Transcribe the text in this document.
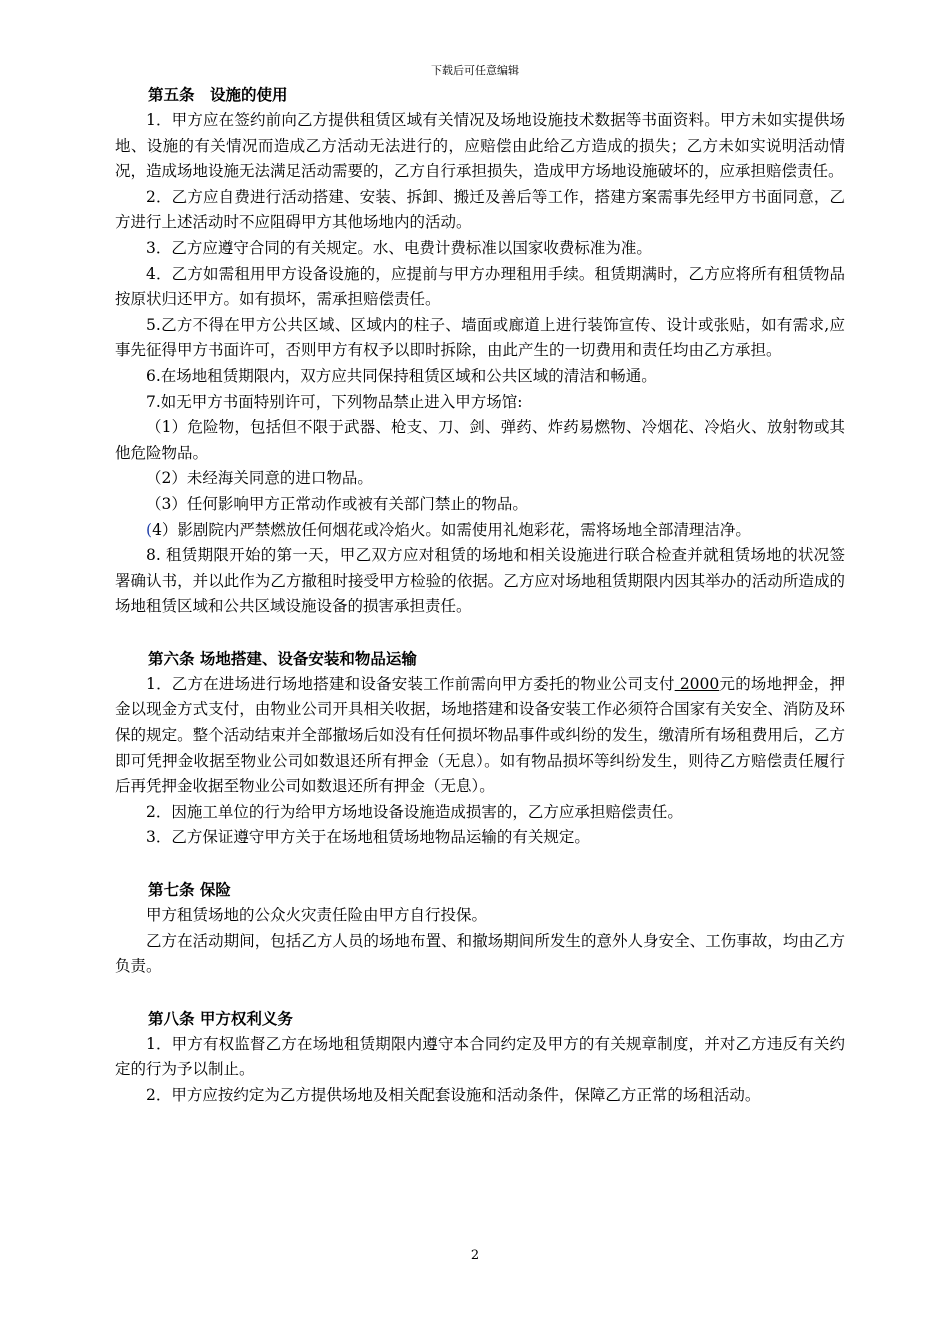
下载后可任意编辑
第五条　设施的使用

1．甲方应在签约前向乙方提供租赁区域有关情况及场地设施技术数据等书面资料。甲方未如实提供场地、设施的有关情况而造成乙方活动无法进行的，应赔偿由此给乙方造成的损失；乙方未如实说明活动情况，造成场地设施无法满足活动需要的，乙方自行承担损失，造成甲方场地设施破坏的，应承担赔偿责任。

2．乙方应自费进行活动搭建、安装、拆卸、搬迁及善后等工作，搭建方案需事先经甲方书面同意，乙方进行上述活动时不应阻碍甲方其他场地内的活动。

3．乙方应遵守合同的有关规定。水、电费计费标准以国家收费标准为准。

4．乙方如需租用甲方设备设施的，应提前与甲方办理租用手续。租赁期满时，乙方应将所有租赁物品按原状归还甲方。如有损坏，需承担赔偿责任。

5.乙方不得在甲方公共区域、区域内的柱子、墙面或廊道上进行装饰宣传、设计或张贴，如有需求,应事先征得甲方书面许可，否则甲方有权予以即时拆除，由此产生的一切费用和责任均由乙方承担。

6.在场地租赁期限内，双方应共同保持租赁区域和公共区域的清洁和畅通。

7.如无甲方书面特别许可，下列物品禁止进入甲方场馆:

（1）危险物，包括但不限于武器、枪支、刀、剑、弹药、炸药易燃物、冷烟花、冷焰火、放射物或其他危险物品。

（2）未经海关同意的进口物品。

（3）任何影响甲方正常动作或被有关部门禁止的物品。

(4）影剧院内严禁燃放任何烟花或冷焰火。如需使用礼炮彩花，需将场地全部清理洁净。

8. 租赁期限开始的第一天，甲乙双方应对租赁的场地和相关设施进行联合检查并就租赁场地的状况签署确认书，并以此作为乙方撤租时接受甲方检验的依据。乙方应对场地租赁期限内因其举办的活动所造成的场地租赁区域和公共区域设施设备的损害承担责任。

第六条 场地搭建、设备安装和物品运输

1．乙方在进场进行场地搭建和设备安装工作前需向甲方委托的物业公司支付 2000元的场地押金，押金以现金方式支付，由物业公司开具相关收据，场地搭建和设备安装工作必须符合国家有关安全、消防及环保的规定。整个活动结束并全部撤场后如没有任何损坏物品事件或纠纷的发生，缴清所有场租费用后，乙方即可凭押金收据至物业公司如数退还所有押金（无息）。如有物品损坏等纠纷发生，则待乙方赔偿责任履行后再凭押金收据至物业公司如数退还所有押金（无息）。

2．因施工单位的行为给甲方场地设备设施造成损害的，乙方应承担赔偿责任。

3．乙方保证遵守甲方关于在场地租赁场地物品运输的有关规定。

第七条 保险

甲方租赁场地的公众火灾责任险由甲方自行投保。

乙方在活动期间，包括乙方人员的场地布置、和撤场期间所发生的意外人身安全、工伤事故，均由乙方负责。

第八条 甲方权利义务

1．甲方有权监督乙方在场地租赁期限内遵守本合同约定及甲方的有关规章制度，并对乙方违反有关约定的行为予以制止。

2．甲方应按约定为乙方提供场地及相关配套设施和活动条件，保障乙方正常的场租活动。

2
